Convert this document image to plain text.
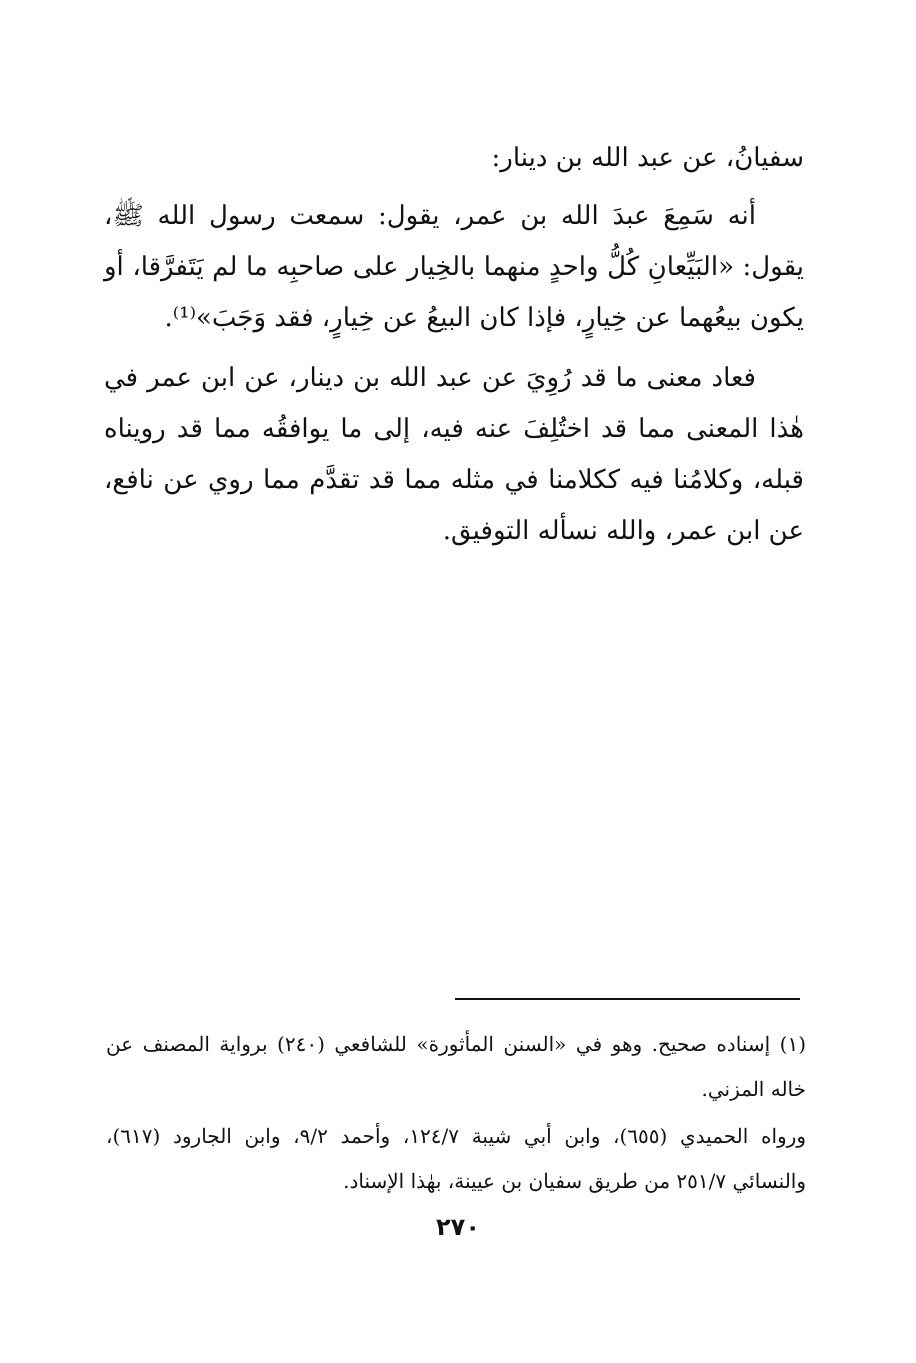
سفيانُ، عن عبد الله بن دينار:

أنه سَمِعَ عبدَ الله بن عمر، يقول: سمعت رسول الله ﷺ، يقول: «البَيِّعانِ كُلُّ واحدٍ منهما بالخِيار على صاحبِه ما لم يَتَفرَّقا، أو يكون بيعُهما عن خِيارٍ، فإذا كان البيعُ عن خِيارٍ، فقد وَجَبَ»⁽¹⁾.

فعاد معنى ما قد رُوِيَ عن عبد الله بن دينار، عن ابن عمر في هٰذا المعنى مما قد اختُلِفَ عنه فيه، إلى ما يوافقُه مما قد رويناه قبله، وكلامُنا فيه ككلامنا في مثله مما قد تقدَّم مما روي عن نافع، عن ابن عمر، والله نسأله التوفيق.

(١) إسناده صحيح. وهو في «السنن المأثورة» للشافعي (٢٤٠) برواية المصنف عن خاله المزني.

ورواه الحميدي (٦٥٥)، وابن أبي شيبة ١٢٤/٧، وأحمد ٩/٢، وابن الجارود (٦١٧)، والنسائي ٢٥١/٧ من طريق سفيان بن عيينة، بهٰذا الإسناد.

٢٧٠
